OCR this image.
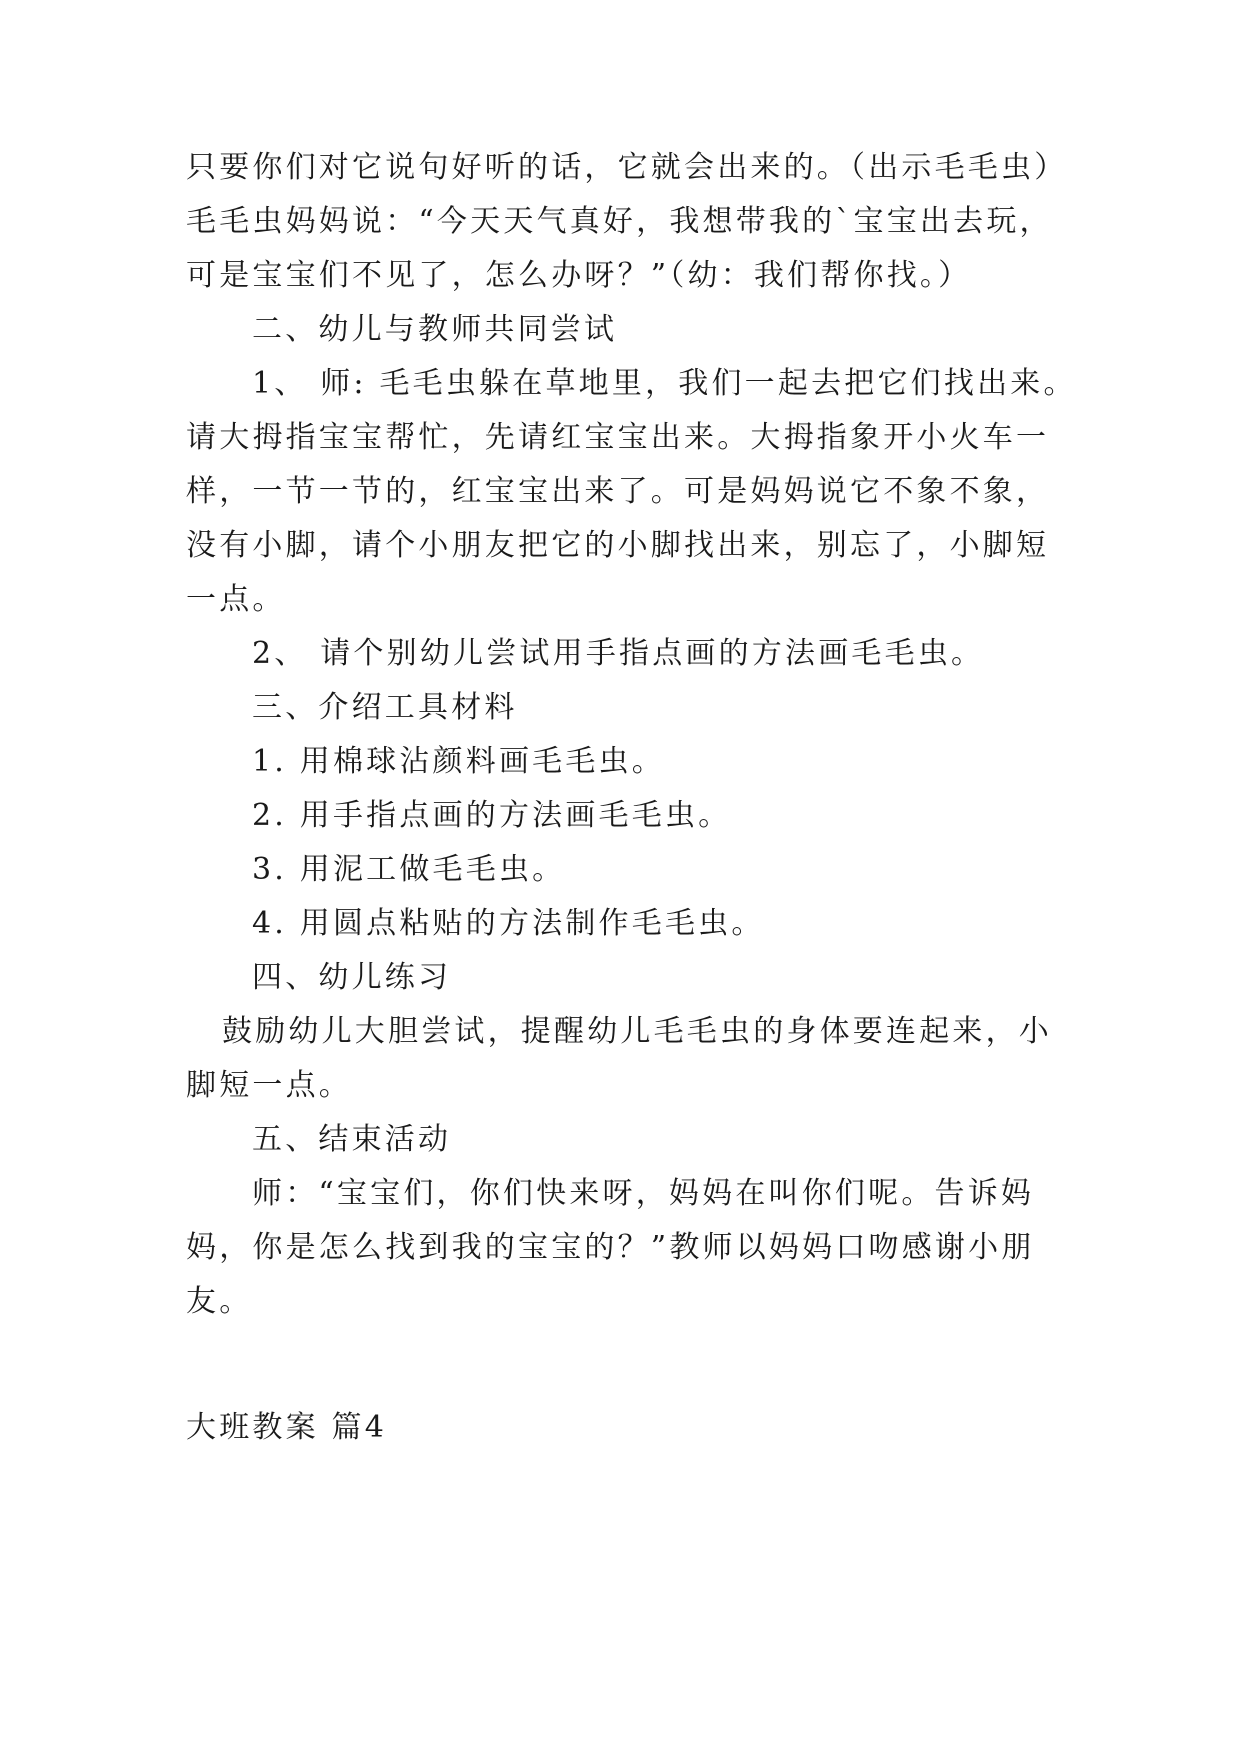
只要你们对它说句好听的话，它就会出来的。（出示毛毛虫）
毛毛虫妈妈说：“今天天气真好，我想带我的`宝宝出去玩，
可是宝宝们不见了，怎么办呀？”（幼：我们帮你找。）
二、幼儿与教师共同尝试
1、 师: 毛毛虫躲在草地里，我们一起去把它们找出来。
请大拇指宝宝帮忙，先请红宝宝出来。大拇指象开小火车一
样，一节一节的，红宝宝出来了。可是妈妈说它不象不象，
没有小脚，请个小朋友把它的小脚找出来，别忘了，小脚短
一点。
2、 请个别幼儿尝试用手指点画的方法画毛毛虫。
三、介绍工具材料
1. 用棉球沾颜料画毛毛虫。
2. 用手指点画的方法画毛毛虫。
3. 用泥工做毛毛虫。
4. 用圆点粘贴的方法制作毛毛虫。
四、幼儿练习
鼓励幼儿大胆尝试，提醒幼儿毛毛虫的身体要连起来，小
脚短一点。
五、结束活动
师：“宝宝们，你们快来呀，妈妈在叫你们呢。告诉妈
妈，你是怎么找到我的宝宝的？”教师以妈妈口吻感谢小朋
友。
大班教案 篇4
